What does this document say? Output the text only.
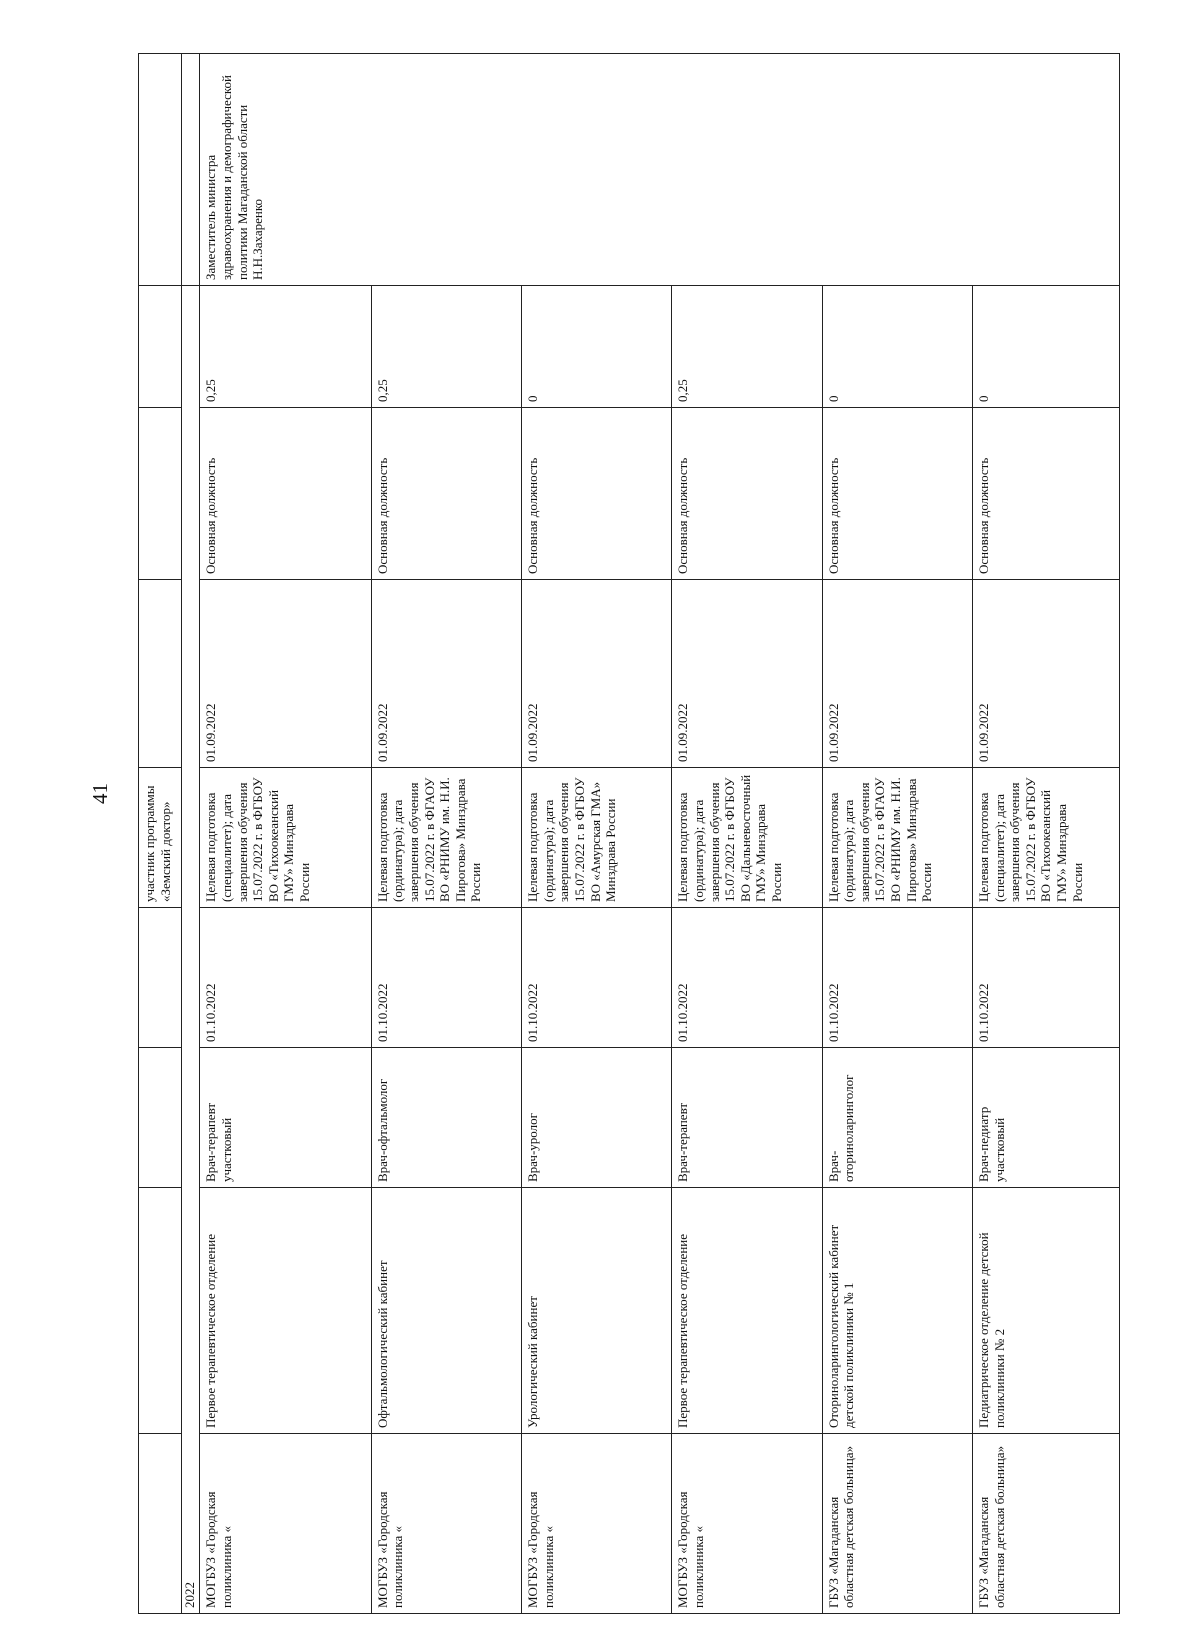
41
				участник программы «Земский доктор»				
2022								
МОГБУЗ «Городская поликлиника «	Первое терапевтическое отделение	Врач-терапевт участковый	01.10.2022	Целевая подготовка (специалитет); дата завершения обучения 15.07.2022 г. в ФГБОУ ВО «Тихоокеанский ГМУ» Минздрава России	01.09.2022	Основная должность	0,25	Заместитель министра здравоохранения и демографической политики Магаданской области Н.Н.Захаренко
МОГБУЗ «Городская поликлиника «	Офтальмологический кабинет	Врач-офтальмолог	01.10.2022	Целевая подготовка (ординатура); дата завершения обучения 15.07.2022 г. в ФГАОУ ВО «РНИМУ им. Н.И. Пирогова» Минздрава России	01.09.2022	Основная должность	0,25	
МОГБУЗ «Городская поликлиника «	Урологический кабинет	Врач-уролог	01.10.2022	Целевая подготовка (ординатура); дата завершения обучения 15.07.2022 г. в ФГБОУ ВО «Амурская ГМА» Минздрава России	01.09.2022	Основная должность	0	
МОГБУЗ «Городская поликлиника «	Первое терапевтическое отделение	Врач-терапевт	01.10.2022	Целевая подготовка (ординатура); дата завершения обучения 15.07.2022 г. в ФГБОУ ВО «Дальневосточный ГМУ» Минздрава России	01.09.2022	Основная должность	0,25	
ГБУЗ «Магаданская областная детская больница»	Оториноларингологический кабинет детской поликлиники № 1	Врач-оториноларинголог	01.10.2022	Целевая подготовка (ординатура); дата завершения обучения 15.07.2022 г. в ФГАОУ ВО «РНИМУ им. Н.И. Пирогова» Минздрава России	01.09.2022	Основная должность	0	
ГБУЗ «Магаданская областная детская больница»	Педиатрическое отделение детской поликлиники № 2	Врач-педиатр участковый	01.10.2022	Целевая подготовка (специалитет); дата завершения обучения 15.07.2022 г. в ФГБОУ ВО «Тихоокеанский ГМУ» Минздрава России	01.09.2022	Основная должность	0	
